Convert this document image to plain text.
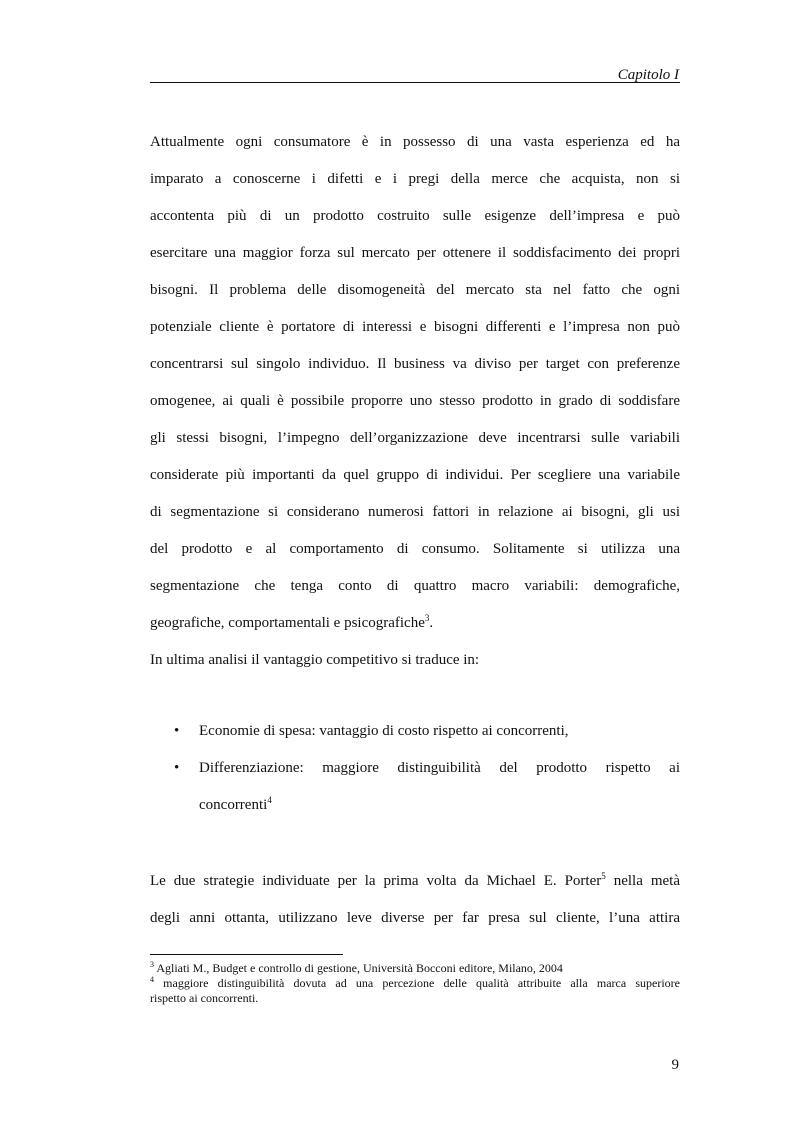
Capitolo I
Attualmente ogni consumatore è in possesso di una vasta esperienza ed ha
imparato a conoscerne i difetti e i pregi della merce che acquista, non si
accontenta più di un prodotto costruito sulle esigenze dell’impresa e può
esercitare una maggior forza sul mercato per ottenere il soddisfacimento dei propri
bisogni. Il problema delle disomogeneità del mercato sta nel fatto che ogni
potenziale cliente è portatore di interessi e bisogni differenti e l’impresa non può
concentrarsi sul singolo individuo. Il business va diviso per target con preferenze
omogenee, ai quali è possibile proporre uno stesso prodotto in grado di soddisfare
gli stessi bisogni, l’impegno dell’organizzazione deve incentrarsi sulle variabili
considerate più importanti da quel gruppo di individui. Per scegliere una variabile
di segmentazione si considerano numerosi fattori in relazione ai bisogni, gli usi
del prodotto e al comportamento di consumo. Solitamente si utilizza una
segmentazione che tenga conto di quattro macro variabili: demografiche,
geografiche, comportamentali e psicografiche$^3$.
In ultima analisi il vantaggio competitivo si traduce in:
• Economie di spesa: vantaggio di costo rispetto ai concorrenti,
• Differenziazione: maggiore distinguibilità del prodotto rispetto ai
concorrenti$^4$
Le due strategie individuate per la prima volta da Michael E. Porter$^5$ nella metà
degli anni ottanta, utilizzano leve diverse per far presa sul cliente, l’una attira
$^3$ Agliati M., Budget e controllo di gestione, Università Bocconi editore, Milano, 2004
$^4$ maggiore distinguibilità dovuta ad una percezione delle qualità attribuite alla marca superiore
rispetto ai concorrenti.
9
